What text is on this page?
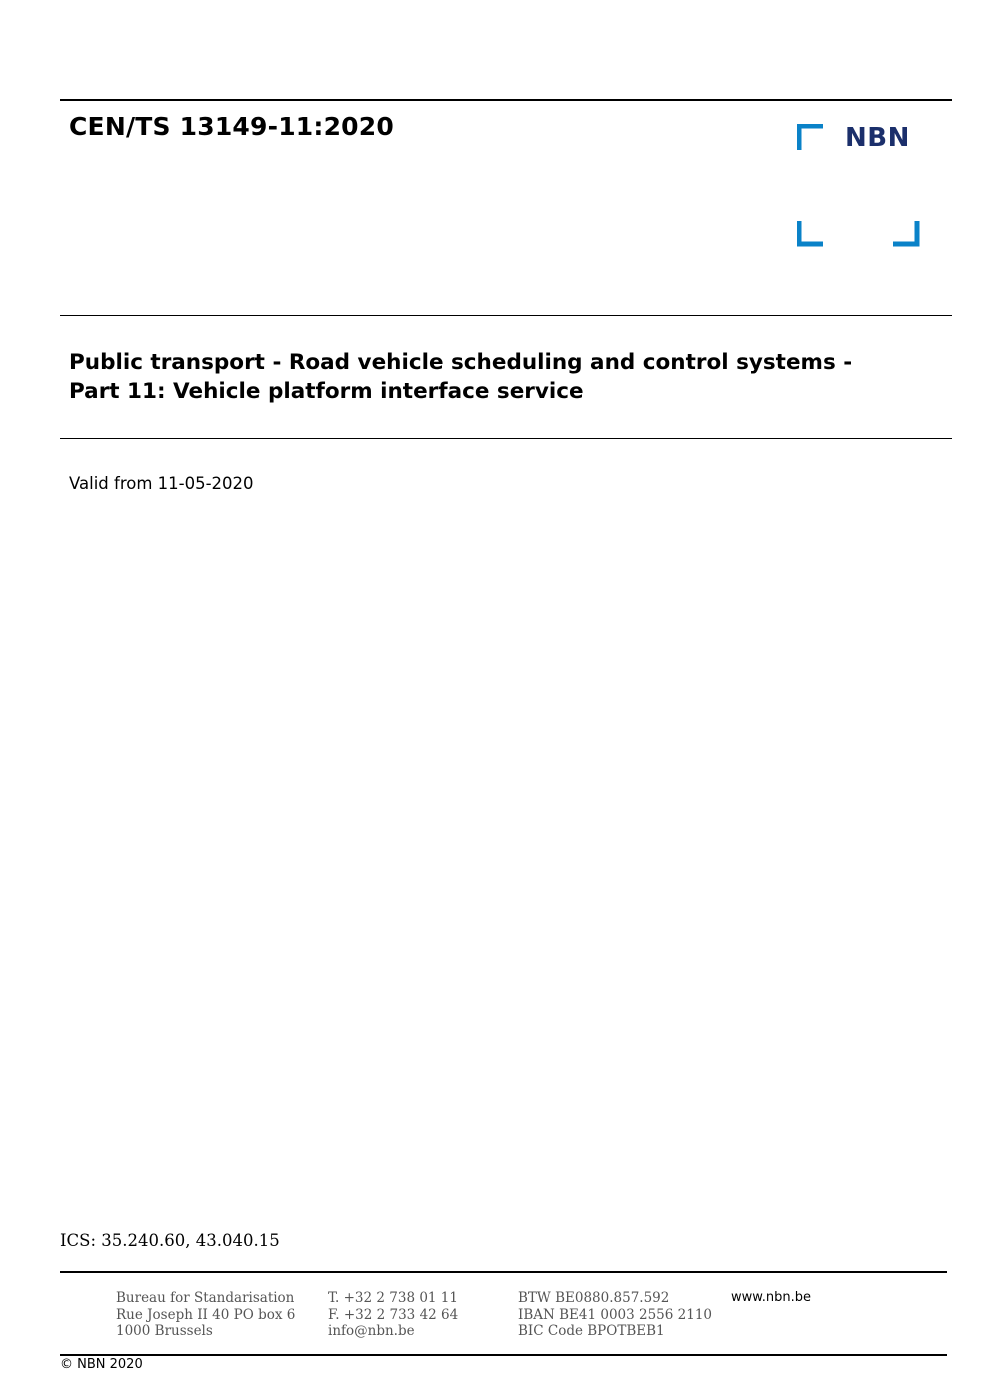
CEN/TS 13149-11:2020	NBN
Public transport - Road vehicle scheduling and control systems -
Part 11: Vehicle platform interface service
Valid from 11-05-2020
ICS: 35.240.60, 43.040.15
Bureau for Standarisation
Rue Joseph II 40 PO box 6
1000 Brussels
T. +32 2 738 01 11
F. +32 2 733 42 64
info@nbn.be
BTW BE0880.857.592
IBAN BE41 0003 2556 2110
BIC Code BPOTBEB1
www.nbn.be
© NBN 2020
